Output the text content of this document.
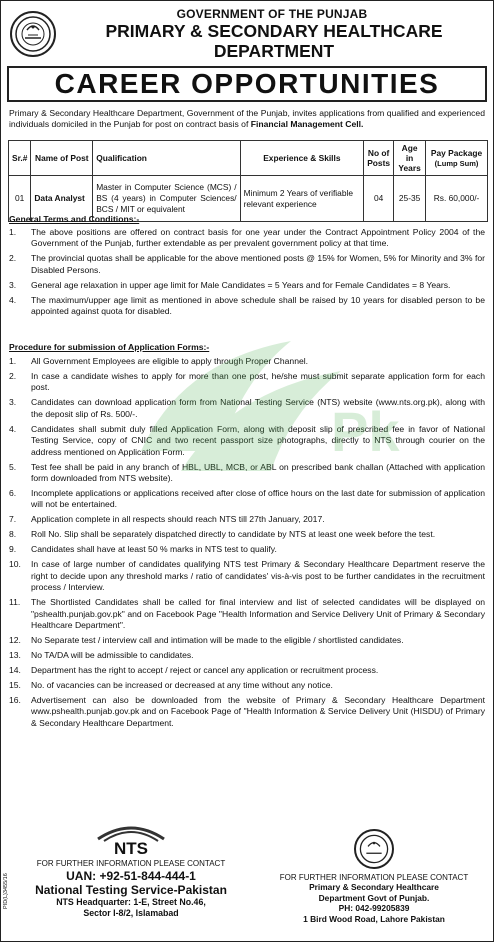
GOVERNMENT OF THE PUNJAB
PRIMARY & SECONDARY HEALTHCARE
DEPARTMENT
CAREER OPPORTUNITIES
Primary & Secondary Healthcare Department, Government of the Punjab, invites applications from qualified and experienced individuals domiciled in the Punjab for post on contract basis of Financial Management Cell.
Sr.#	Name of Post	Qualification	Experience & Skills	No of Posts	Age in Years	Pay Package
(Lump Sum)
01	Data Analyst	Master in Computer Science (MCS) / BS (4 years) in Computer Sciences/ BCS / MIT or equivalent	Minimum 2 Years of verifiable relevant experience	04	25-35	Rs. 60,000/-
General Terms and Conditions:-
1.	The above positions are offered on contract basis for one year under the Contract Appointment Policy 2004 of the Government of the Punjab, further extendable as per prevalent government policy at that time.
2.	The provincial quotas shall be applicable for the above mentioned posts @ 15% for Women, 5% for Minority and 3% for Disabled Persons.
3.	General age relaxation in upper age limit for Male Candidates = 5 Years and for Female Candidates = 8 Years.
4.	The maximum/upper age limit as mentioned in above schedule shall be raised by 10 years for disabled person to be appointed against quota for disabled.
Procedure for submission of Application Forms:-
1.	All Government Employees are eligible to apply through Proper Channel.
2.	In case a candidate wishes to apply for more than one post, he/she must submit separate application form for each post.
3.	Candidates can download application form from National Testing Service (NTS) website (www.nts.org.pk), along with the deposit slip of Rs. 500/-.
4.	Candidates shall submit duly filled Application Form, along with deposit slip of prescribed fee in favor of National Testing Service, copy of CNIC and two recent passport size photographs, directly to NTS through courier on the address mentioned on Application Form.
5.	Test fee shall be paid in any branch of HBL, UBL, MCB, or ABL on prescribed bank challan (Attached with application form downloaded from NTS website).
6.	Incomplete applications or applications received after close of office hours on the last date for submission of application will not be entertained.
7.	Application complete in all respects should reach NTS till 27th January, 2017.
8.	Roll No. Slip shall be separately dispatched directly to candidate by NTS at least one week before the test.
9.	Candidates shall have at least 50 % marks in NTS test to qualify.
10.	In case of large number of candidates qualifying NTS test Primary & Secondary Healthcare Department reserve the right to decide upon any threshold marks / ratio of candidates' vis-à-vis post to be further candidates in the recruitment process / Interview.
11.	The Shortlisted Candidates shall be called for final interview and list of selected candidates will be displayed on "pshealth.punjab.gov.pk" and on Facebook Page "Health Information and Service Delivery Unit of Primary & Secondary Healthcare Department".
12.	No Separate test / interview call and intimation will be made to the eligible / shortlisted candidates.
13.	No TA/DA will be admissible to candidates.
14.	Department has the right to accept / reject or cancel any application or recruitment process.
15.	No. of vacancies can be increased or decreased at any time without any notice.
16.	Advertisement can also be downloaded from the website of Primary & Secondary Healthcare Department www.pshealth.punjab.gov.pk and on Facebook Page of "Health Information & Service Delivery Unit (HISDU) of Primary & Secondary Healthcare Department.
Pk
NTS
FOR FURTHER INFORMATION PLEASE CONTACT
UAN: +92-51-844-444-1
National Testing Service-Pakistan
NTS Headquarter: 1-E, Street No.46,
Sector I-8/2, Islamabad
FOR FURTHER INFORMATION PLEASE CONTACT
Primary & Secondary Healthcare
Department Govt of Punjab.
PH: 042-99205839
1 Bird Wood Road, Lahore Pakistan
PID(L)3455/16
